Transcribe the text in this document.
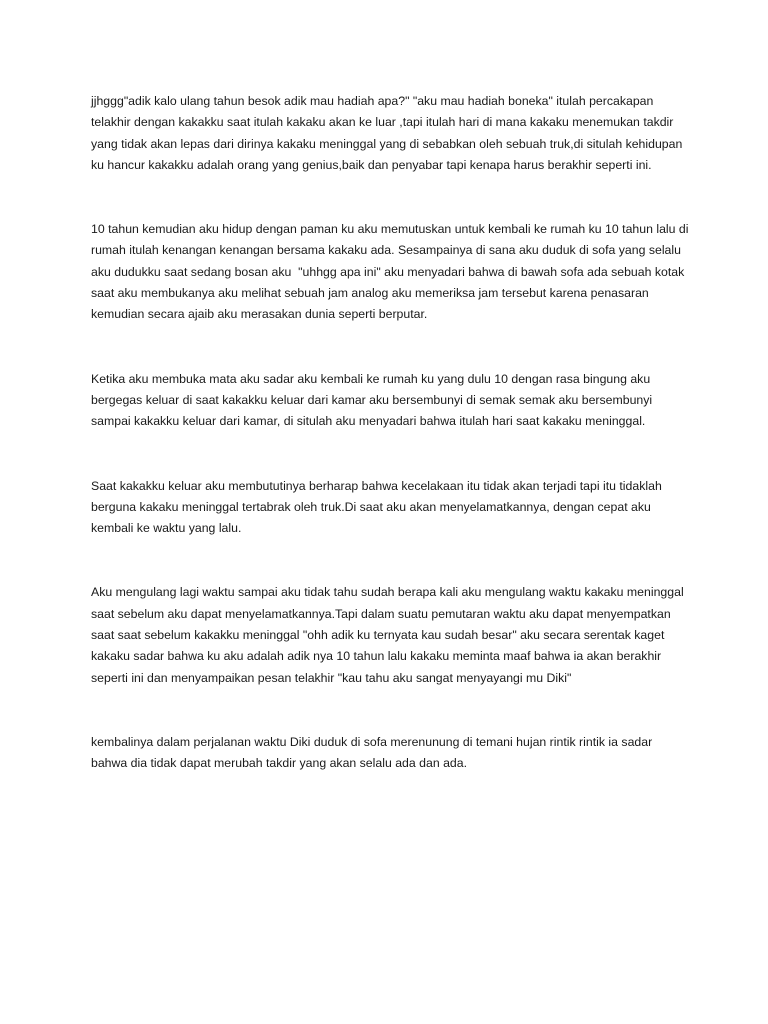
jjhggg"adik kalo ulang tahun besok adik mau hadiah apa?" "aku mau hadiah boneka" itulah percakapan telakhir dengan kakakku saat itulah kakaku akan ke luar ,tapi itulah hari di mana kakaku menemukan takdir yang tidak akan lepas dari dirinya kakaku meninggal yang di sebabkan oleh sebuah truk,di situlah kehidupan ku hancur kakakku adalah orang yang genius,baik dan penyabar tapi kenapa harus berakhir seperti ini.

10 tahun kemudian aku hidup dengan paman ku aku memutuskan untuk kembali ke rumah ku 10 tahun lalu di rumah itulah kenangan kenangan bersama kakaku ada. Sesampainya di sana aku duduk di sofa yang selalu aku dudukku saat sedang bosan aku  "uhhgg apa ini" aku menyadari bahwa di bawah sofa ada sebuah kotak saat aku membukanya aku melihat sebuah jam analog aku memeriksa jam tersebut karena penasaran kemudian secara ajaib aku merasakan dunia seperti berputar.

Ketika aku membuka mata aku sadar aku kembali ke rumah ku yang dulu 10 dengan rasa bingung aku bergegas keluar di saat kakakku keluar dari kamar aku bersembunyi di semak semak aku bersembunyi sampai kakakku keluar dari kamar, di situlah aku menyadari bahwa itulah hari saat kakaku meninggal.

Saat kakakku keluar aku membututinya berharap bahwa kecelakaan itu tidak akan terjadi tapi itu tidaklah berguna kakaku meninggal tertabrak oleh truk.Di saat aku akan menyelamatkannya, dengan cepat aku kembali ke waktu yang lalu.

Aku mengulang lagi waktu sampai aku tidak tahu sudah berapa kali aku mengulang waktu kakaku meninggal saat sebelum aku dapat menyelamatkannya.Tapi dalam suatu pemutaran waktu aku dapat menyempatkan saat saat sebelum kakakku meninggal "ohh adik ku ternyata kau sudah besar" aku secara serentak kaget kakaku sadar bahwa ku aku adalah adik nya 10 tahun lalu kakaku meminta maaf bahwa ia akan berakhir seperti ini dan menyampaikan pesan telakhir "kau tahu aku sangat menyayangi mu Diki"

kembalinya dalam perjalanan waktu Diki duduk di sofa merenunung di temani hujan rintik rintik ia sadar bahwa dia tidak dapat merubah takdir yang akan selalu ada dan ada.
